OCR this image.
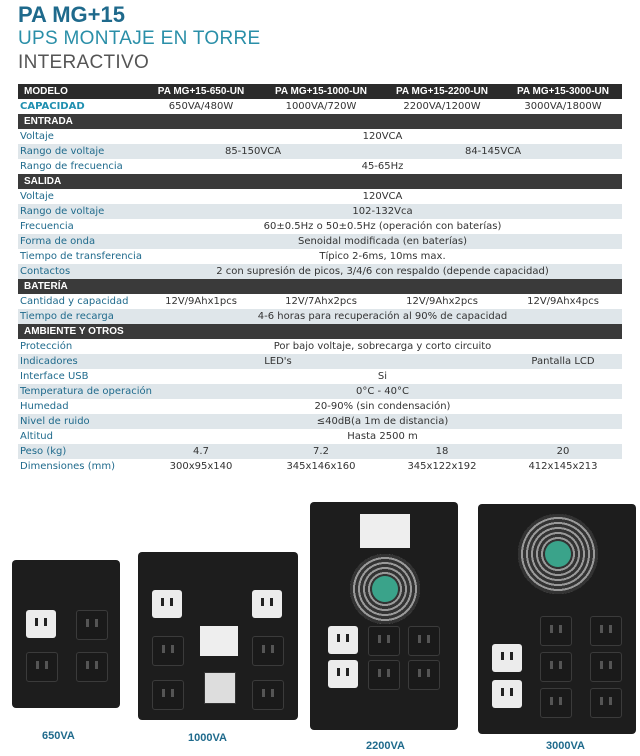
PA MG+15
UPS MONTAJE EN TORRE
INTERACTIVO
MODELO	PA MG+15-650-UN	PA MG+15-1000-UN	PA MG+15-2200-UN	PA MG+15-3000-UN
CAPACIDAD	650VA/480W	1000VA/720W	2200VA/1200W	3000VA/1800W
ENTRADA
Voltaje	120VCA
Rango de voltaje	85-150VCA	84-145VCA
Rango de frecuencia	45-65Hz
SALIDA
Voltaje	120VCA
Rango de voltaje	102-132Vca
Frecuencia	60±0.5Hz o 50±0.5Hz (operación con baterías)
Forma de onda	Senoidal modificada (en baterías)
Tiempo de transferencia	Típico 2-6ms, 10ms max.
Contactos	2 con supresión de picos, 3/4/6 con respaldo (depende capacidad)
BATERÍA
Cantidad y capacidad	12V/9Ahx1pcs	12V/7Ahx2pcs	12V/9Ahx2pcs	12V/9Ahx4pcs
Tiempo de recarga	4-6 horas para recuperación al 90% de capacidad
AMBIENTE Y OTROS
Protección	Por bajo voltaje, sobrecarga y corto circuito
Indicadores	LED's	Pantalla LCD
Interface USB	Si
Temperatura de operación	0°C - 40°C
Humedad	20-90% (sin condensación)
Nivel de ruido	≤40dB(a 1m de distancia)
Altitud	Hasta 2500 m
Peso (kg)	4.7	7.2	18	20
Dimensiones (mm)	300x95x140	345x146x160	345x122x192	412x145x213
650VA	1000VA
2200VA	3000VA
